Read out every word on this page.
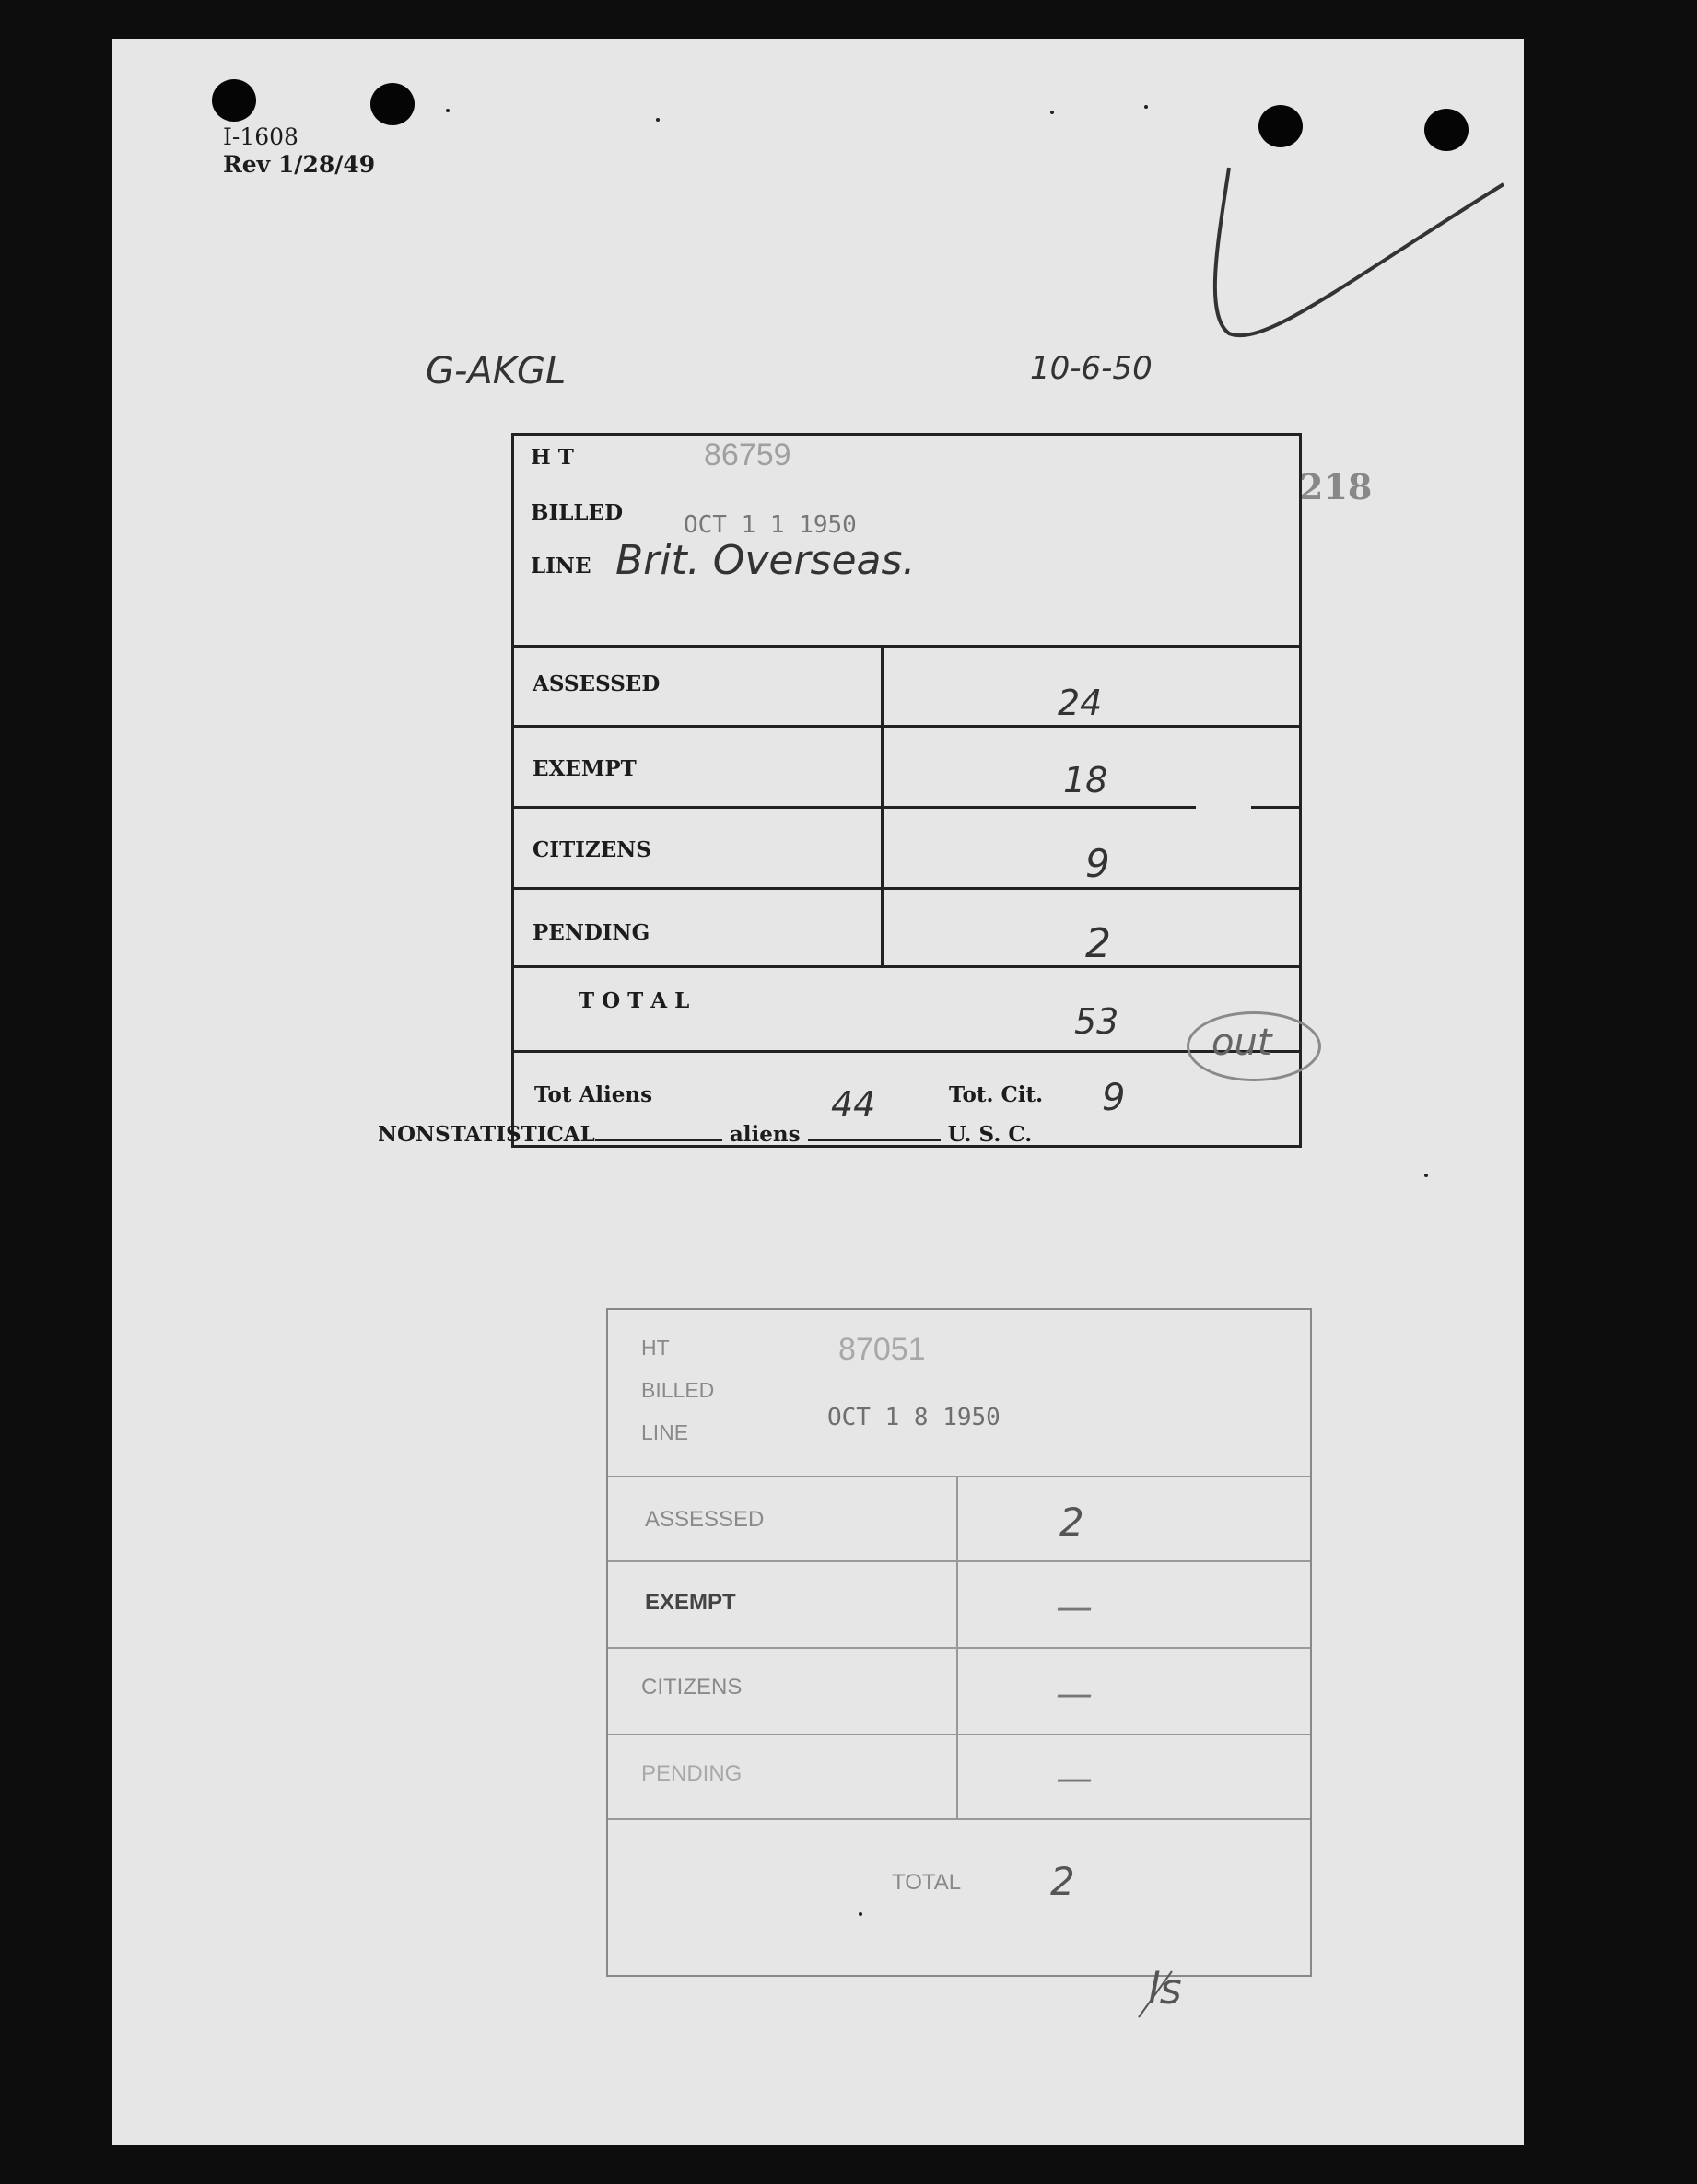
I-1608
Rev 1/28/49
G-AKGL	10-6-50
218
H T	86759
BILLED	OCT 1 1 1950
LINE Brit. Overseas.
ASSESSED	24
EXEMPT	18
CITIZENS	9
PENDING	2
T O T A L
53
Tot Aliens	44	Tot. Cit. 9
out
NONSTATISTICAL	aliens	U. S. C.
HT	87051
BILLED
OCT 1 8 1950
LINE
ASSESSED	2
EXEMPT	—
CITIZENS	—
PENDING	—
TOTAL 2
ls
